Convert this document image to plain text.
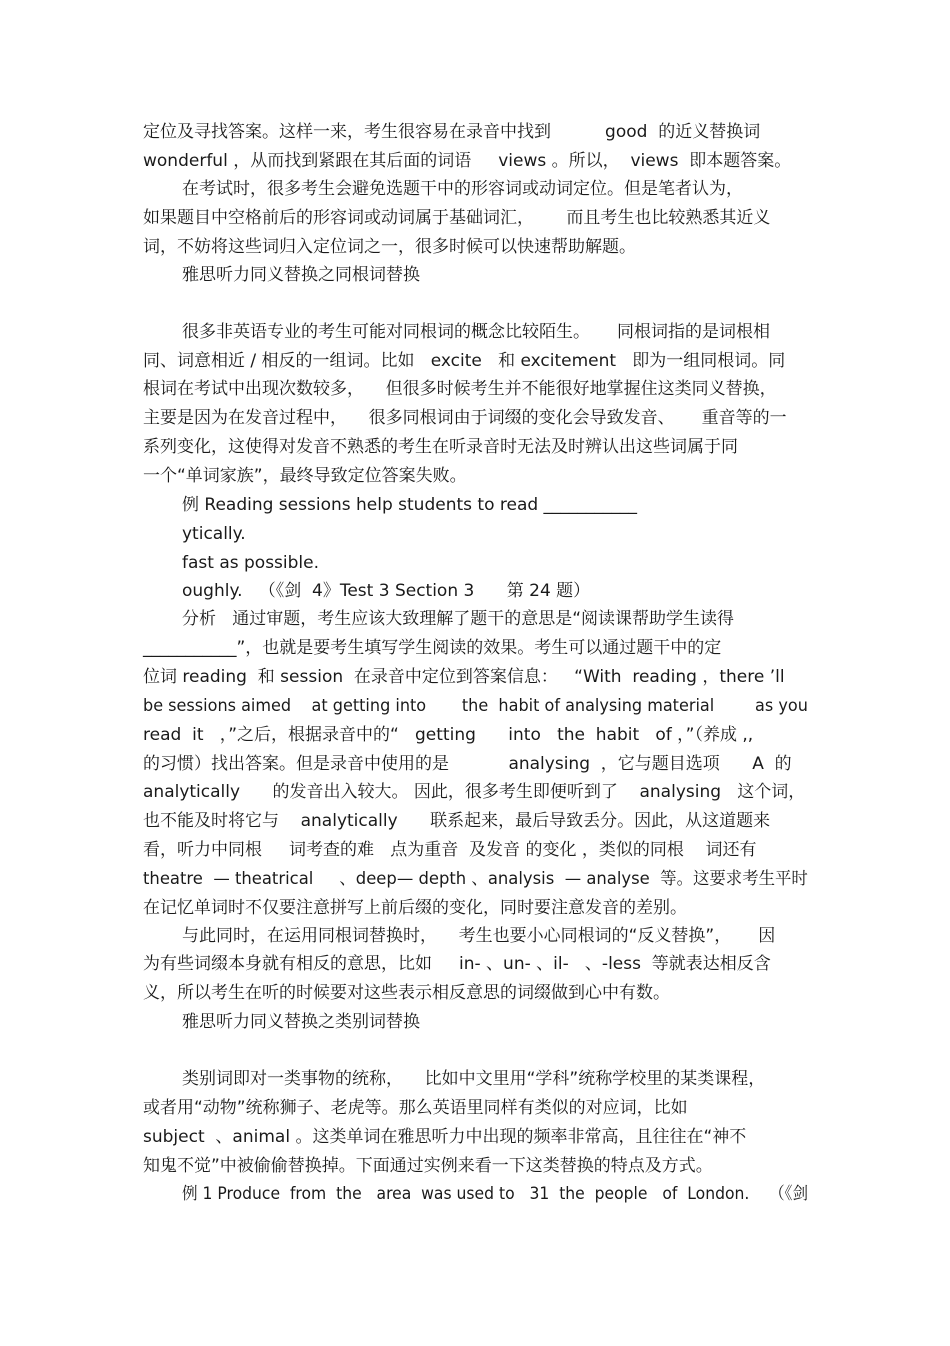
定位及寻找答案。这样一来，考生很容易在录音中找到          good  的近义替换词
wonderful ，从而找到紧跟在其后面的词语     views 。所以，  views  即本题答案。
在考试时，很多考生会避免选题干中的形容词或动词定位。但是笔者认为，
如果题目中空格前后的形容词或动词属于基础词汇，      而且考生也比较熟悉其近义
词，不妨将这些词归入定位词之一，很多时候可以快速帮助解题。
雅思听力同义替换之同根词替换
很多非英语专业的考生可能对同根词的概念比较陌生。     同根词指的是词根相
同、词意相近 / 相反的一组词。比如   excite   和 excitement   即为一组同根词。同
根词在考试中出现次数较多，    但很多时候考生并不能很好地掌握住这类同义替换，
主要是因为在发音过程中，    很多同根词由于词缀的变化会导致发音、     重音等的一
系列变化，这使得对发音不熟悉的考生在听录音时无法及时辨认出这些词属于同
一个“单词家族”，最终导致定位答案失败。
例 Reading sessions help students to read ___________
ytically.
fast as possible.
oughly.   （《剑  4》Test 3 Section 3      第 24 题）
分析   通过审题，考生应该大致理解了题干的意思是“阅读课帮助学生读得
___________”，也就是要考生填写学生阅读的效果。考生可以通过题干中的定
位词 reading  和 session  在录音中定位到答案信息：   “With  reading ，there ’ll
be sessions aimed    at getting into       the  habit of analysing material        as you
read  it   ，”之后，根据录音中的“   getting      into   the  habit   of ，”（养成 ,,
的习惯）找出答案。但是录音中使用的是           analysing  ，它与题目选项      A  的
analytically      的发音出入较大。 因此，很多考生即便听到了    analysing   这个词，
也不能及时将它与    analytically      联系起来，最后导致丢分。因此，从这道题来
看，听力中同根     词考查的难   点为重音  及发音 的变化 ，类似的同根    词还有
theatre  — theatrical     、deep— depth 、analysis  — analyse  等。这要求考生平时
在记忆单词时不仅要注意拼写上前后缀的变化，同时要注意发音的差别。
与此同时，在运用同根词替换时，    考生也要小心同根词的“反义替换”，     因
为有些词缀本身就有相反的意思，比如     in- 、un- 、il-   、-less  等就表达相反含
义，所以考生在听的时候要对这些表示相反意思的词缀做到心中有数。
雅思听力同义替换之类别词替换
类别词即对一类事物的统称，    比如中文里用“学科”统称学校里的某类课程，
或者用“动物”统称狮子、老虎等。那么英语里同样有类似的对应词，比如
subject  、animal 。这类单词在雅思听力中出现的频率非常高，且往往在“神不
知鬼不觉”中被偷偷替换掉。下面通过实例来看一下这类替换的特点及方式。
例 1 Produce  from  the   area  was used to   31  the  people   of  London.    （《剑
